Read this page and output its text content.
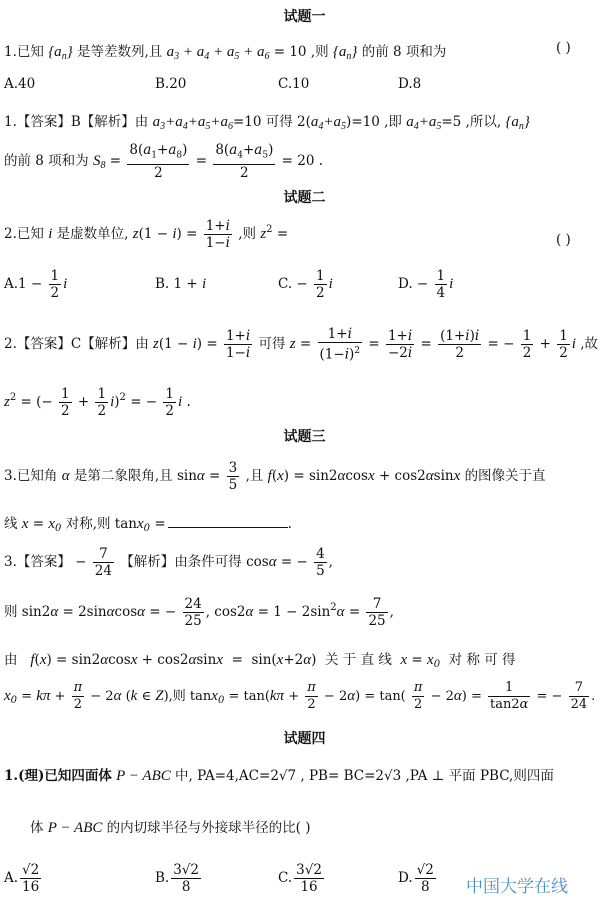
试题一
1.已知 $\{a_n\}$ 是等差数列,且 $a_3 + a_4 + a_5 + a_6 = 10$ ,则 $\{a_n\}$ 的前 8 项和为	( )
A.40	B.20	C.10	D.8
1.【答案】B【解析】由 $a_3+a_4+a_5+a_6=10$ 可得 $2(a_4+a_5)=10$ ,即 $a_4+a_5=5$ ,所以, $\{a_n\}$
的前 8 项和为 $S_8 = \frac{8(a_1+a_8)}{2} = \frac{8(a_4+a_5)}{2} = 20$ .
试题二
2.已知 i 是虚数单位, $z(1 - i) = \frac{1+i}{1-i}$ ,则 $z^2$ =	( )
$A.1 - \frac{1}{2}$ i	B. 1 + i	C. − $\frac{1}{2}$ i	D. − $\frac{1}{4}$ i
2.【答案】C【解析】由 $z(1 - i) = \frac{1+i}{1-i}$ 可得 $z = \frac{1+i}{(1-i)^2} = \frac{1+i}{-2i} = \frac{(1+i)i}{2}$ = − $\frac{1}{2} + \frac{1}{2}$ i ,故
$z^2$ = (− $\frac{1}{2} + \frac{1}{2} i)^2$ = − $\frac{1}{2}$ i .
试题三
3.已知角 α 是第二象限角,且 $\sin\alpha = \frac{3}{5}$ ,且 f(x) = sin2αcosx + cos2αsinx 的图像关于直
线 $x = x_0$ 对称,则 tanx$_0$ =	.
3.【答案】 − $\frac{7}{24}$ 【解析】由条件可得 cosα = − $\frac{4}{5}$ ,
则 sin2α = 2sinαcosα = − $\frac{24}{25}$ , $\cos 2\alpha = 1 - 2\sin^2\alpha = \frac{7}{25}$ ,
由 f(x) = sin2αcosx + cos2αsinx  =  sin(x+2α)  关 于 直 线 $x = x_0$ 对 称 可 得
$x_0 = k\pi + \frac{\pi}{2} - 2\alpha$ (k ∈ Z),则 $\tan x_0 = \tan(k\pi + \frac{\pi}{2} - 2\alpha) = \tan( \frac{\pi}{2} - 2\alpha) = \frac{1}{\tan 2\alpha}$ = − $\frac{7}{24}$ .
试题四
1.(理)已知四面体 P − ABC 中, PA=4,AC=2√7 , PB= BC=2√3 ,PA ⊥ 平面 PBC,则四面
体 P − ABC 的内切球半径与外接球半径的比( )
A. $\frac{√2}{16}$	B. $\frac{3√2}{8}$	C. $\frac{3√2}{16}$	D. $\frac{√2}{8}$ 中国大学在线
